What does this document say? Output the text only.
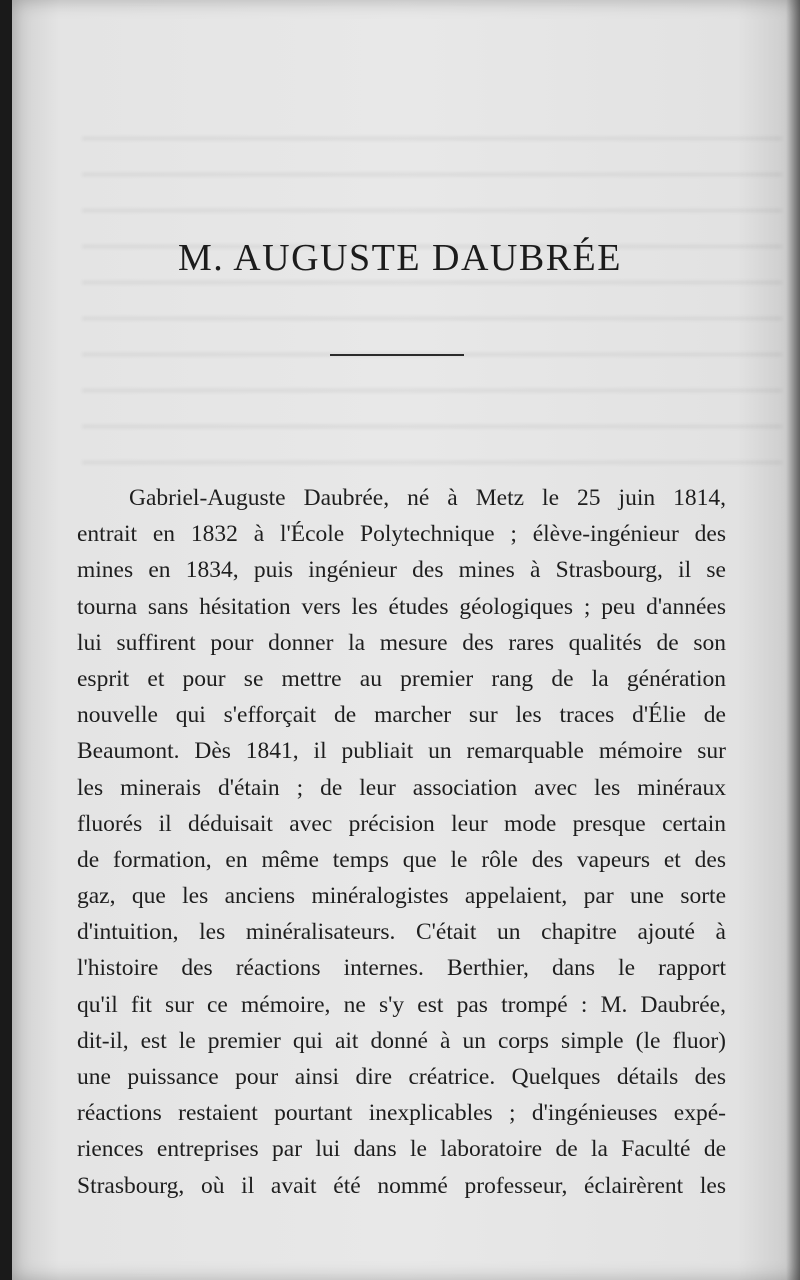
M. AUGUSTE DAUBRÉE
Gabriel-Auguste Daubrée, né à Metz le 25 juin 1814,
entrait en 1832 à l'École Polytechnique ; élève-ingénieur des
mines en 1834, puis ingénieur des mines à Strasbourg, il se
tourna sans hésitation vers les études géologiques ; peu d'années
lui suffirent pour donner la mesure des rares qualités de son
esprit et pour se mettre au premier rang de la génération
nouvelle qui s'efforçait de marcher sur les traces d'Élie de
Beaumont. Dès 1841, il publiait un remarquable mémoire sur
les minerais d'étain ; de leur association avec les minéraux
fluorés il déduisait avec précision leur mode presque certain
de formation, en même temps que le rôle des vapeurs et des
gaz, que les anciens minéralogistes appelaient, par une sorte
d'intuition, les minéralisateurs. C'était un chapitre ajouté à
l'histoire des réactions internes. Berthier, dans le rapport
qu'il fit sur ce mémoire, ne s'y est pas trompé : M. Daubrée,
dit-il, est le premier qui ait donné à un corps simple (le fluor)
une puissance pour ainsi dire créatrice. Quelques détails des
réactions restaient pourtant inexplicables ; d'ingénieuses expé-
riences entreprises par lui dans le laboratoire de la Faculté de
Strasbourg, où il avait été nommé professeur, éclairèrent les
